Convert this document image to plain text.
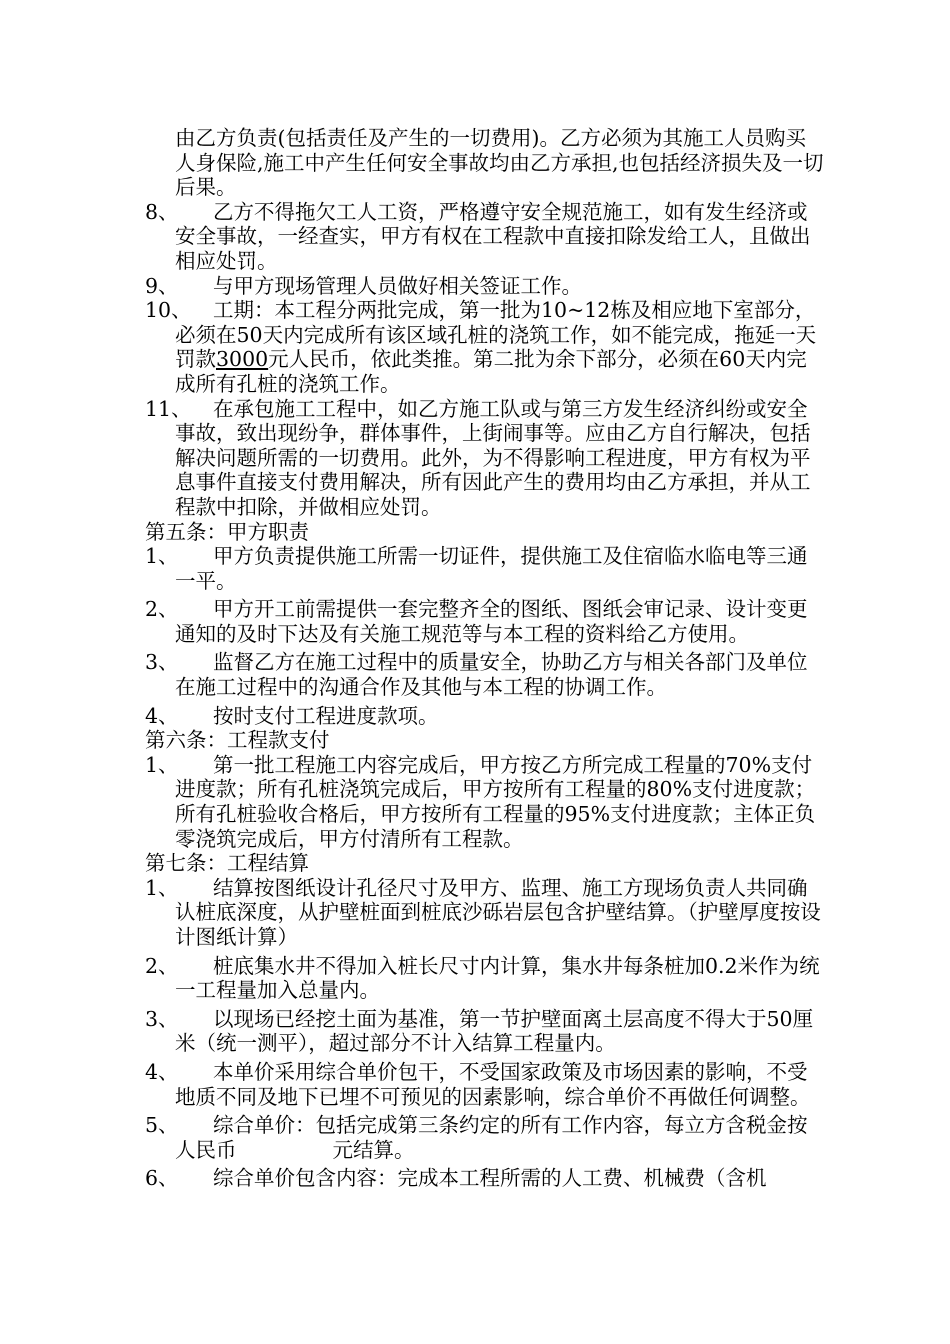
由乙方负责(包括责任及产生的一切费用)。乙方必须为其施工人员购买人身保险,施工中产生任何安全事故均由乙方承担,也包括经济损失及一切后果。
8、	乙方不得拖欠工人工资，严格遵守安全规范施工，如有发生经济或安全事故，一经查实，甲方有权在工程款中直接扣除发给工人，且做出相应处罚。
9、	与甲方现场管理人员做好相关签证工作。
10、	工期：本工程分两批完成，第一批为10~12栋及相应地下室部分，必须在50天内完成所有该区域孔桩的浇筑工作，如不能完成，拖延一天罚款3000元人民币，依此类推。第二批为余下部分，必须在60天内完成所有孔桩的浇筑工作。
11、	在承包施工工程中，如乙方施工队或与第三方发生经济纠纷或安全事故，致出现纷争，群体事件，上街闹事等。应由乙方自行解决，包括解决问题所需的一切费用。此外，为不得影响工程进度，甲方有权为平息事件直接支付费用解决，所有因此产生的费用均由乙方承担，并从工程款中扣除，并做相应处罚。
第五条：甲方职责
1、	甲方负责提供施工所需一切证件，提供施工及住宿临水临电等三通一平。
2、	甲方开工前需提供一套完整齐全的图纸、图纸会审记录、设计变更通知的及时下达及有关施工规范等与本工程的资料给乙方使用。
3、	监督乙方在施工过程中的质量安全，协助乙方与相关各部门及单位在施工过程中的沟通合作及其他与本工程的协调工作。
4、	按时支付工程进度款项。
第六条：工程款支付
1、	第一批工程施工内容完成后，甲方按乙方所完成工程量的70%支付进度款；所有孔桩浇筑完成后，甲方按所有工程量的80%支付进度款；所有孔桩验收合格后，甲方按所有工程量的95%支付进度款；主体正负零浇筑完成后，甲方付清所有工程款。
第七条：工程结算
1、	结算按图纸设计孔径尺寸及甲方、监理、施工方现场负责人共同确认桩底深度，从护壁桩面到桩底沙砾岩层包含护壁结算。（护壁厚度按设计图纸计算）
2、	桩底集水井不得加入桩长尺寸内计算，集水井每条桩加0.2米作为统一工程量加入总量内。
3、	以现场已经挖土面为基准，第一节护壁面离土层高度不得大于50厘米（统一测平），超过部分不计入结算工程量内。
4、	本单价采用综合单价包干，不受国家政策及市场因素的影响，不受地质不同及地下已埋不可预见的因素影响，综合单价不再做任何调整。
5、	综合单价：包括完成第三条约定的所有工作内容，每立方含税金按人民币	元结算。
6、	综合单价包含内容：完成本工程所需的人工费、机械费（含机
